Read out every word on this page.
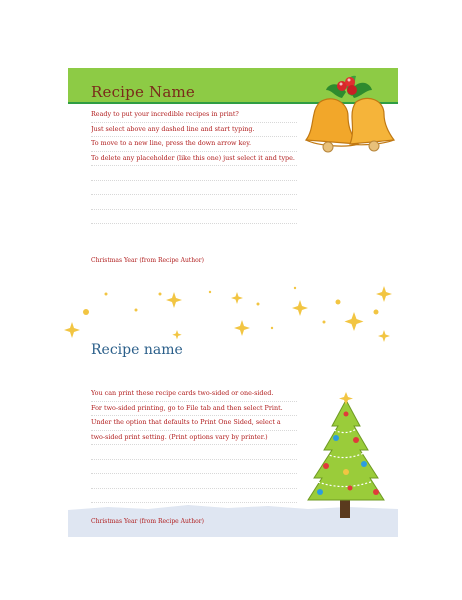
Recipe Name
Ready to put your incredible recipes in print?
Just select above any dashed line and start typing.
To move to a new line, press the down arrow key.
To delete any placeholder (like this one) just select it and type.
Christmas Year (from Recipe Author)
Recipe name
You can print these recipe cards two-sided or one-sided.
For two-sided printing, go to File tab and then select Print.
Under the option that defaults to Print One Sided, select a
two-sided print setting. (Print options vary by printer.)
Christmas Year (from Recipe Author)
